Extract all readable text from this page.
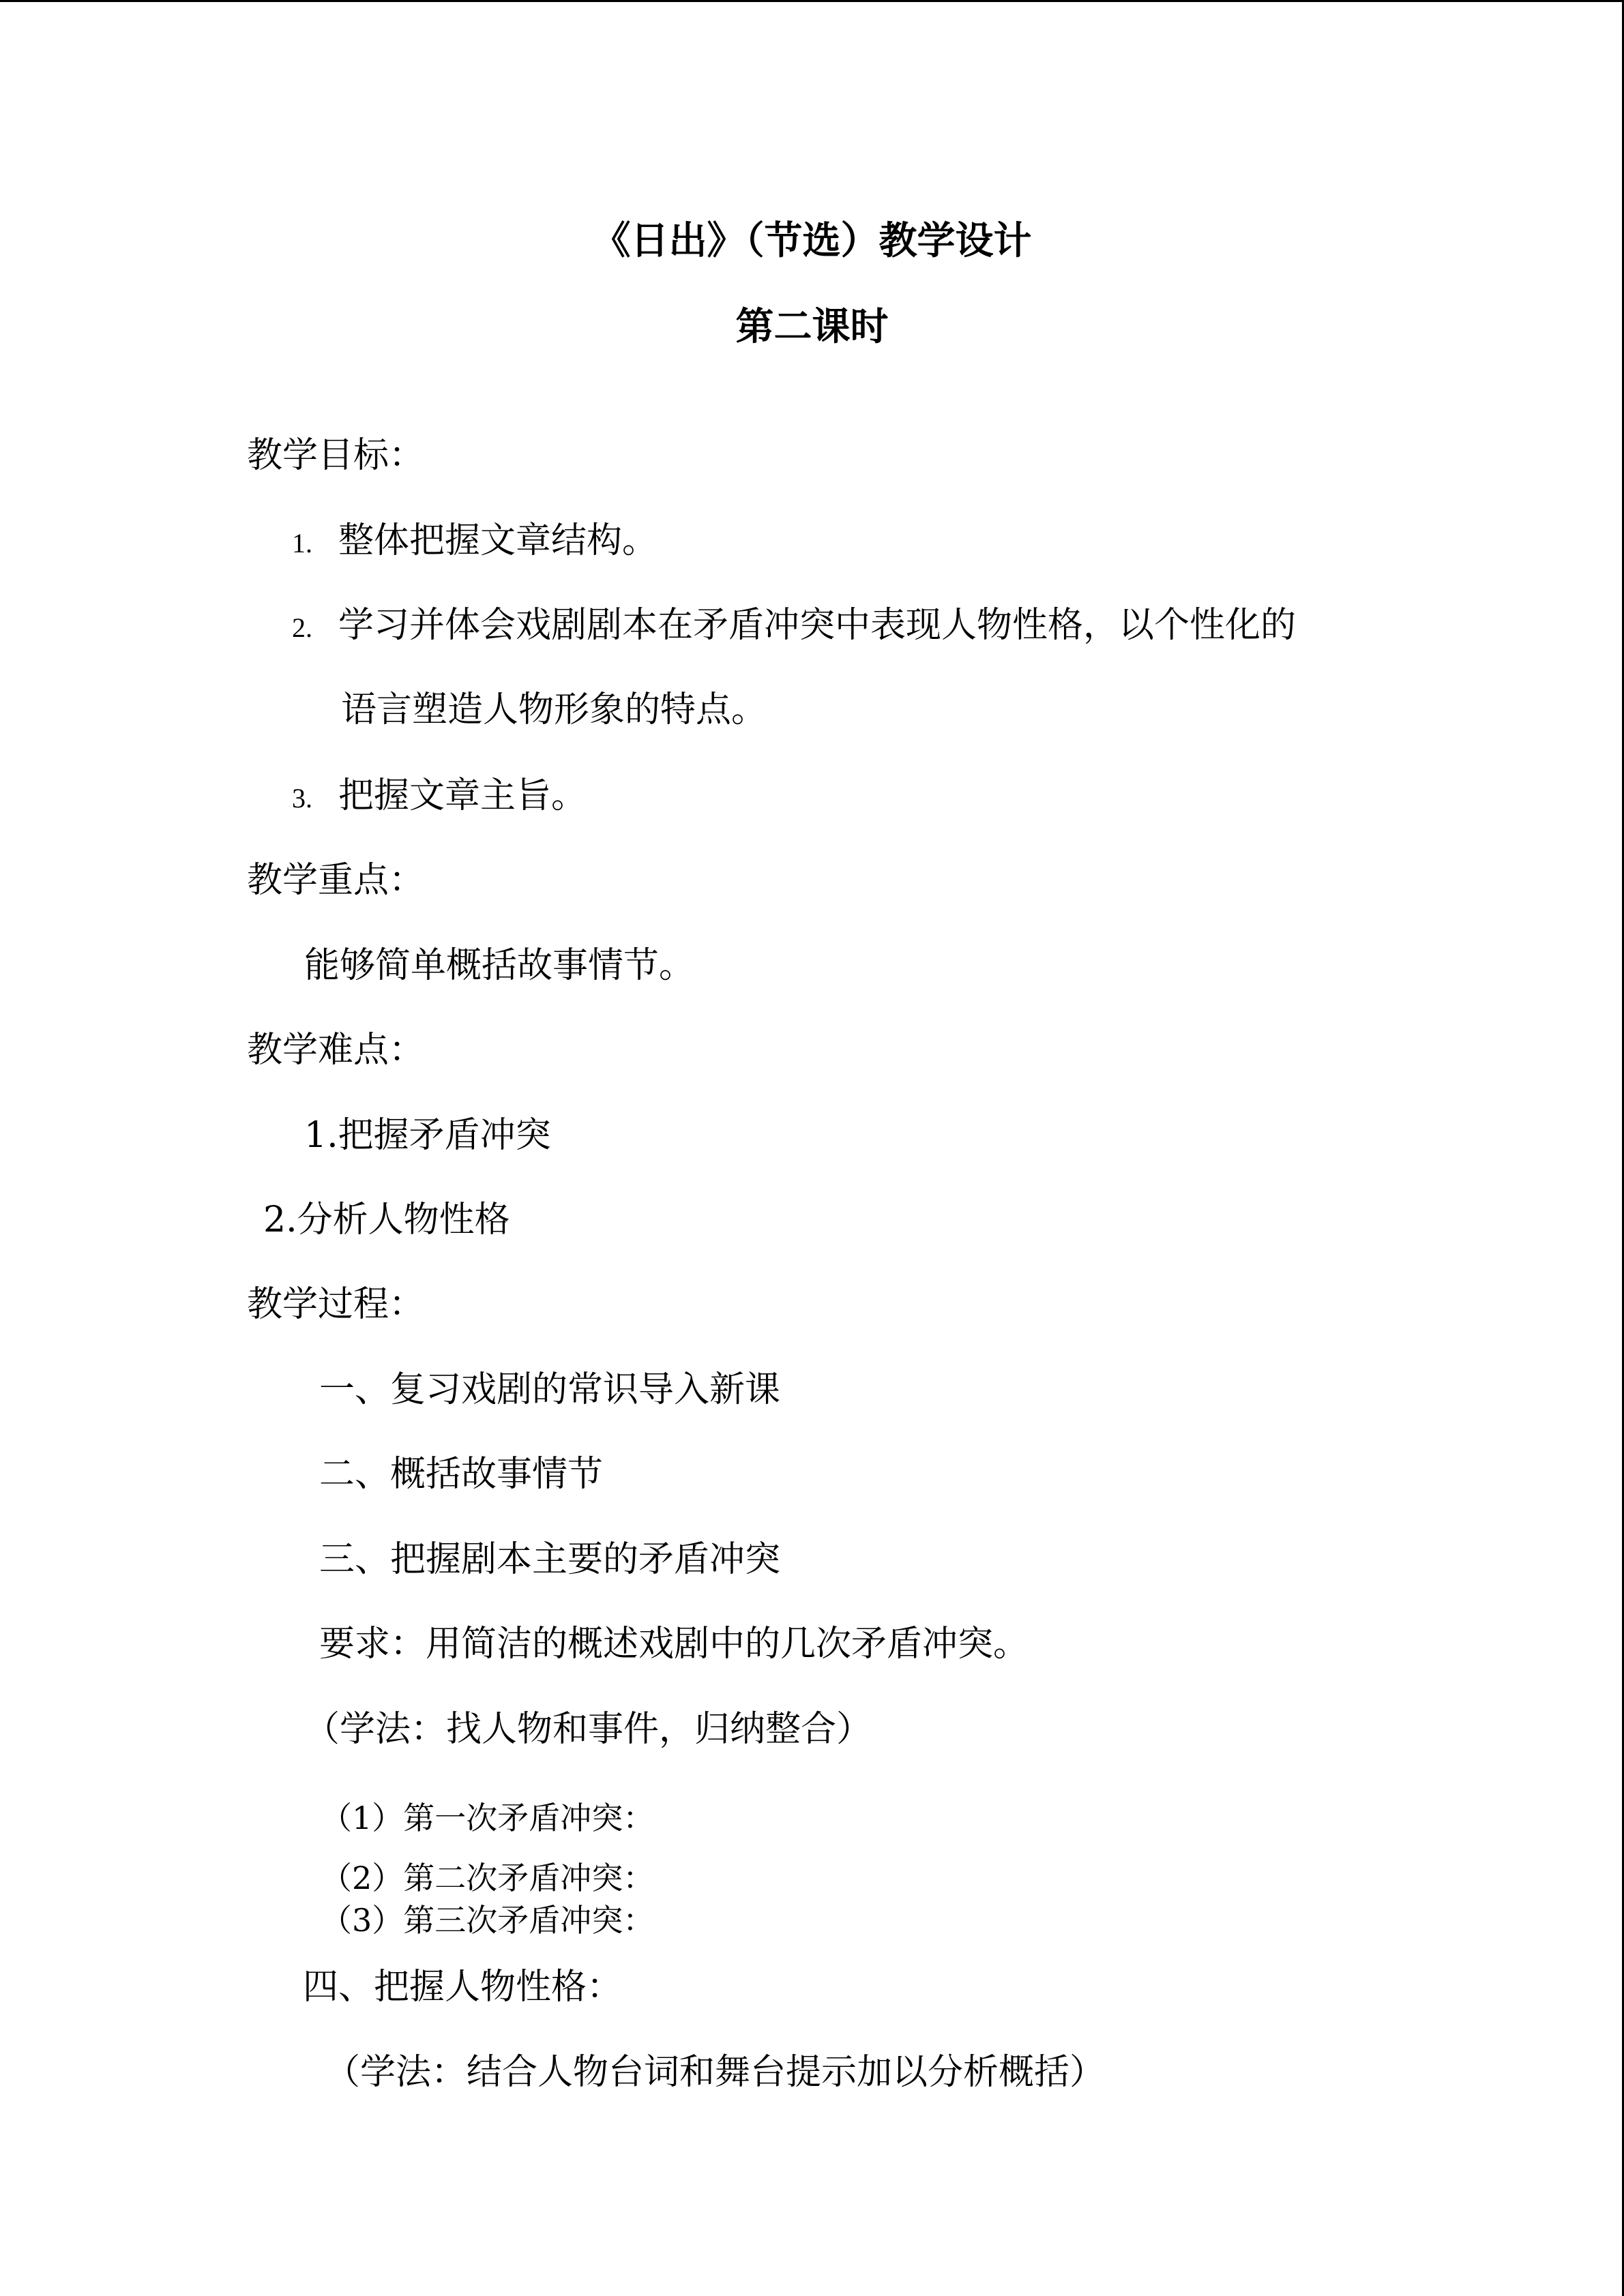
《日出》（节选）教学设计
第二课时
教学目标：
1. 整体把握文章结构。
2. 学习并体会戏剧剧本在矛盾冲突中表现人物性格，以个性化的
语言塑造人物形象的特点。
3. 把握文章主旨。
教学重点：
能够简单概括故事情节。
教学难点：
1.把握矛盾冲突
2.分析人物性格
教学过程：
一、复习戏剧的常识导入新课
二、概括故事情节
三、把握剧本主要的矛盾冲突
要求：用简洁的概述戏剧中的几次矛盾冲突。
（学法：找人物和事件，归纳整合）
（1）第一次矛盾冲突：
（2）第二次矛盾冲突：
（3）第三次矛盾冲突：
四、把握人物性格：
（学法：结合人物台词和舞台提示加以分析概括）
